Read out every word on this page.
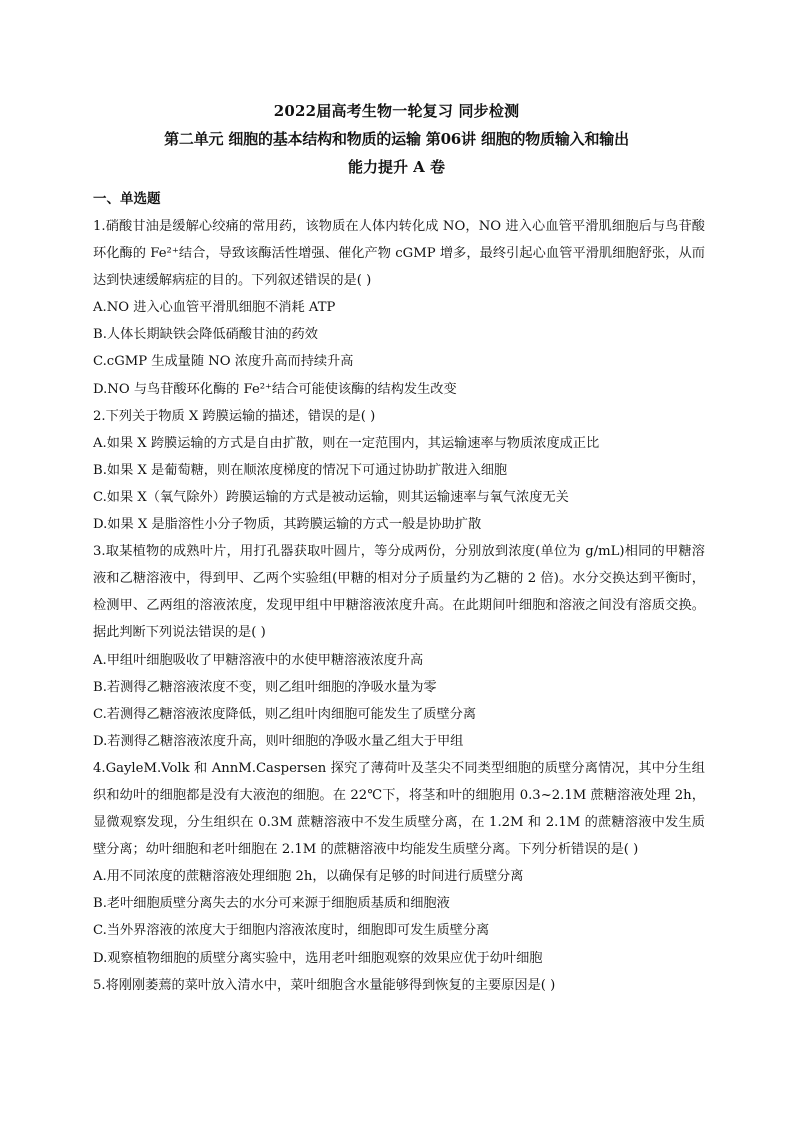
2022届高考生物一轮复习 同步检测

第二单元 细胞的基本结构和物质的运输 第06讲 细胞的物质输入和输出

能力提升 A 卷

一、单选题

1.硝酸甘油是缓解心绞痛的常用药，该物质在人体内转化成 NO，NO 进入心血管平滑肌细胞后与鸟苷酸环化酶的 Fe²⁺结合，导致该酶活性增强、催化产物 cGMP 增多，最终引起心血管平滑肌细胞舒张，从而达到快速缓解病症的目的。下列叙述错误的是( )

A.NO 进入心血管平滑肌细胞不消耗 ATP

B.人体长期缺铁会降低硝酸甘油的药效

C.cGMP 生成量随 NO 浓度升高而持续升高

D.NO 与鸟苷酸环化酶的 Fe²⁺结合可能使该酶的结构发生改变

2.下列关于物质 X 跨膜运输的描述，错误的是( )

A.如果 X 跨膜运输的方式是自由扩散，则在一定范围内，其运输速率与物质浓度成正比

B.如果 X 是葡萄糖，则在顺浓度梯度的情况下可通过协助扩散进入细胞

C.如果 X（氧气除外）跨膜运输的方式是被动运输，则其运输速率与氧气浓度无关

D.如果 X 是脂溶性小分子物质，其跨膜运输的方式一般是协助扩散

3.取某植物的成熟叶片，用打孔器获取叶圆片，等分成两份，分别放到浓度(单位为 g/mL)相同的甲糖溶液和乙糖溶液中，得到甲、乙两个实验组(甲糖的相对分子质量约为乙糖的 2 倍)。水分交换达到平衡时，检测甲、乙两组的溶液浓度，发现甲组中甲糖溶液浓度升高。在此期间叶细胞和溶液之间没有溶质交换。据此判断下列说法错误的是( )

A.甲组叶细胞吸收了甲糖溶液中的水使甲糖溶液浓度升高

B.若测得乙糖溶液浓度不变，则乙组叶细胞的净吸水量为零

C.若测得乙糖溶液浓度降低，则乙组叶肉细胞可能发生了质壁分离

D.若测得乙糖溶液浓度升高，则叶细胞的净吸水量乙组大于甲组

4.GayleM.Volk 和 AnnM.Caspersen 探究了薄荷叶及茎尖不同类型细胞的质壁分离情况，其中分生组织和幼叶的细胞都是没有大液泡的细胞。在 22℃下，将茎和叶的细胞用 0.3~2.1M 蔗糖溶液处理 2h，显微观察发现，分生组织在 0.3M 蔗糖溶液中不发生质壁分离，在 1.2M 和 2.1M 的蔗糖溶液中发生质壁分离；幼叶细胞和老叶细胞在 2.1M 的蔗糖溶液中均能发生质壁分离。下列分析错误的是( )

A.用不同浓度的蔗糖溶液处理细胞 2h，以确保有足够的时间进行质壁分离

B.老叶细胞质壁分离失去的水分可来源于细胞质基质和细胞液

C.当外界溶液的浓度大于细胞内溶液浓度时，细胞即可发生质壁分离

D.观察植物细胞的质壁分离实验中，选用老叶细胞观察的效果应优于幼叶细胞

5.将刚刚萎蔫的菜叶放入清水中，菜叶细胞含水量能够得到恢复的主要原因是( )
